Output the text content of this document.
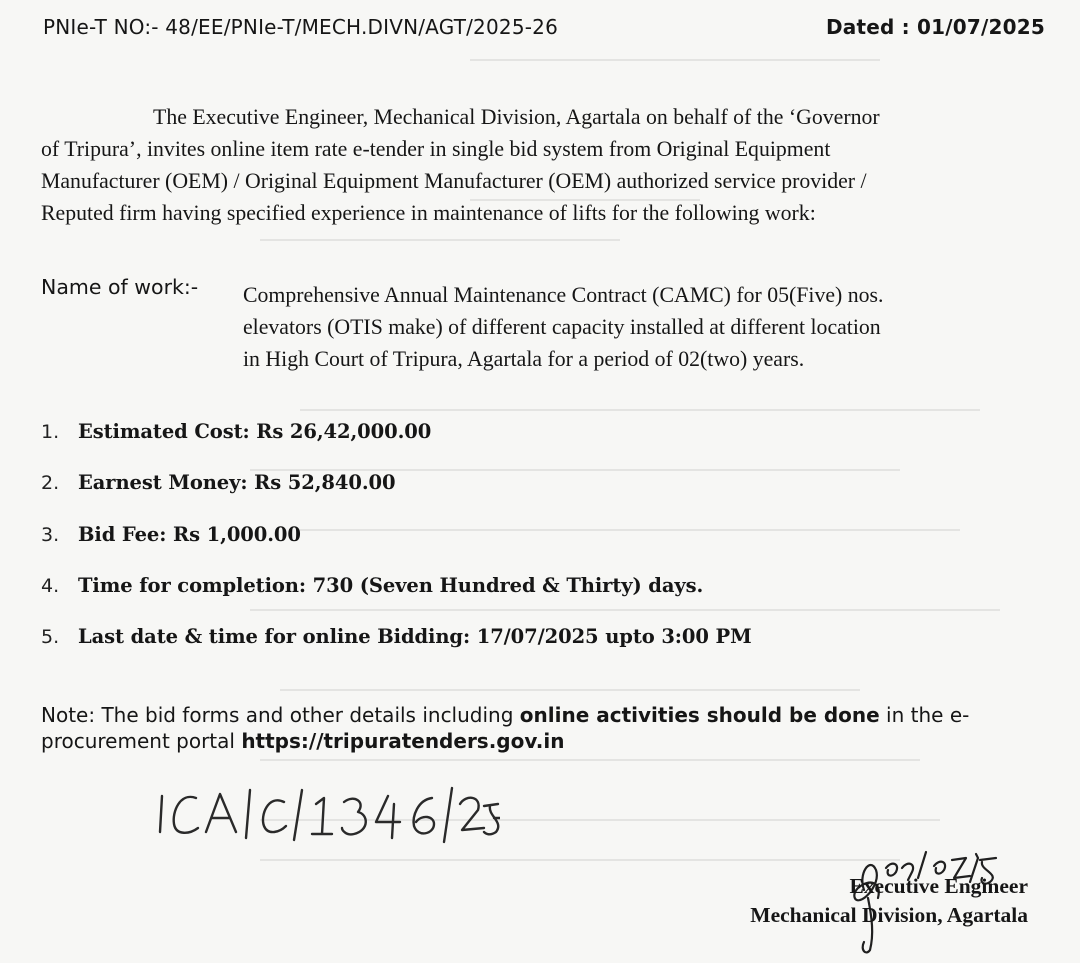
PNIe-T NO:- 48/EE/PNIe-T/MECH.DIVN/AGT/2025-26	Dated : 01/07/2025
The Executive Engineer, Mechanical Division, Agartala on behalf of the ‘Governor
of Tripura’, invites online item rate e-tender in single bid system from Original Equipment
Manufacturer (OEM) / Original Equipment Manufacturer (OEM) authorized service provider /
Reputed firm having specified experience in maintenance of lifts for the following work:
Name of work:- Comprehensive Annual Maintenance Contract (CAMC) for 05(Five) nos.
elevators (OTIS make) of different capacity installed at different location
in High Court of Tripura, Agartala for a period of 02(two) years.
1. Estimated Cost: Rs 26,42,000.00
2. Earnest Money: Rs 52,840.00
3. Bid Fee: Rs 1,000.00
4. Time for completion: 730 (Seven Hundred & Thirty) days.
5. Last date & time for online Bidding: 17/07/2025 upto 3:00 PM
Note: The bid forms and other details including online activities should be done in the e-
procurement portal https://tripuratenders.gov.in
Executive Engineer
Mechanical Division, Agartala
